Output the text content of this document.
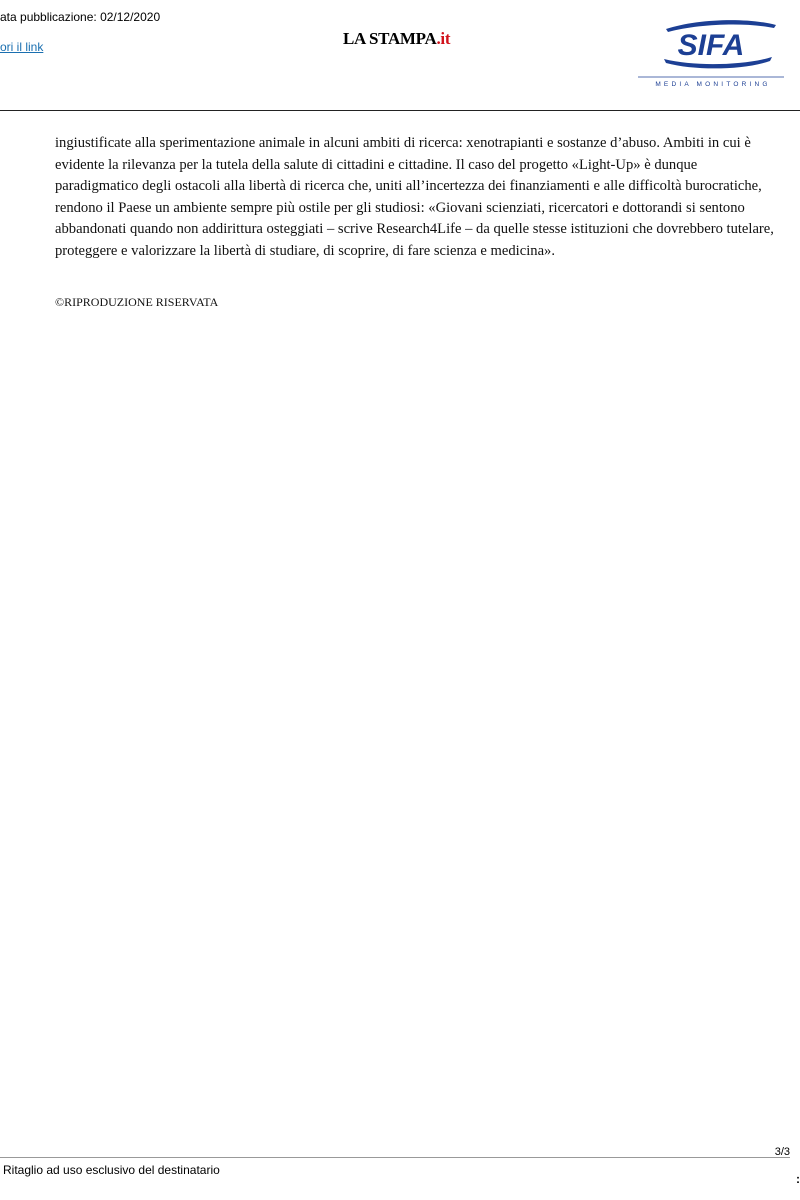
ata pubblicazione: 02/12/2020
ori il link	LA STAMPA.it	SIFA
MEDIA MONITORING

ingiustificate alla sperimentazione animale in alcuni ambiti di ricerca: xenotrapianti e sostanze d’abuso. Ambiti in cui è evidente la rilevanza per la tutela della salute di cittadini e cittadine. Il caso del progetto «Light-Up» è dunque paradigmatico degli ostacoli alla libertà di ricerca che, uniti all’incertezza dei finanziamenti e alle difficoltà burocratiche, rendono il Paese un ambiente sempre più ostile per gli studiosi: «Giovani scienziati, ricercatori e dottorandi si sentono abbandonati quando non addirittura osteggiati – scrive Research4Life – da quelle stesse istituzioni che dovrebbero tutelare, proteggere e valorizzare la libertà di studiare, di scoprire, di fare scienza e medicina».

©RIPRODUZIONE RISERVATA
3/3
Ritaglio ad uso esclusivo del destinatario
:
